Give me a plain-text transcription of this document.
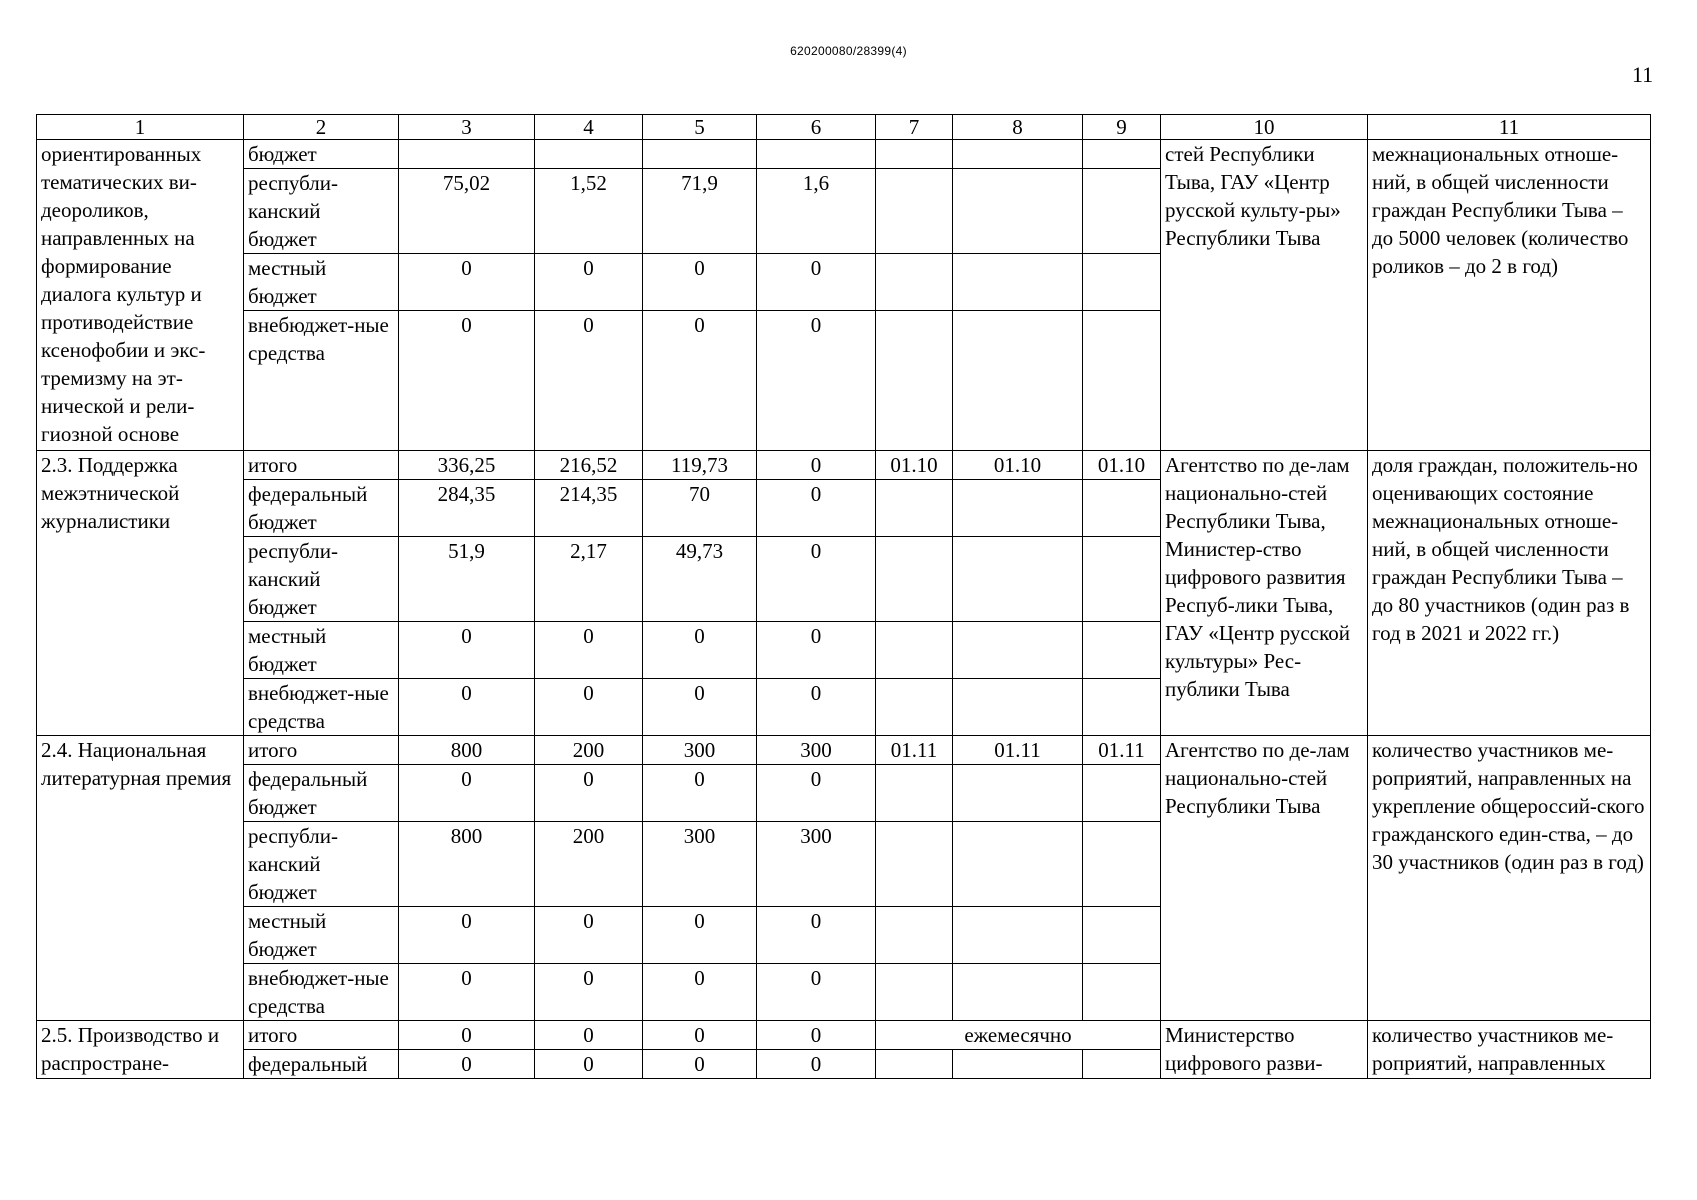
620200080/28399(4)
11
1	2	3	4	5	6	7	8	9	10	11
ориентированных тематических ви-деороликов, направленных на формирование диалога культур и противодействие ксенофобии и экс-тремизму на эт-нической и рели-гиозной основе	бюджет								стей Республики Тыва, ГАУ «Центр русской культу-ры» Республики Тыва	межнациональных отноше-ний, в общей численности граждан Республики Тыва – до 5000 человек (количество роликов – до 2 в год)
	республи-канский бюджет	75,02	1,52	71,9	1,6					
	местный бюджет	0	0	0	0					
	внебюджет-ные средства	0	0	0	0					
2.3. Поддержка межэтнической журналистики	итого	336,25	216,52	119,73	0	01.10	01.10	01.10	Агентство по де-лам национально-стей Республики Тыва, Министер-ство цифрового развития Респуб-лики Тыва, ГАУ «Центр русской культуры» Рес-публики Тыва	доля граждан, положитель-но оценивающих состояние межнациональных отноше-ний, в общей численности граждан Республики Тыва – до 80 участников (один раз в год в 2021 и 2022 гг.)
	федеральный бюджет	284,35	214,35	70	0					
	республи-канский бюджет	51,9	2,17	49,73	0					
	местный бюджет	0	0	0	0					
	внебюджет-ные средства	0	0	0	0					
2.4. Национальная литературная премия	итого	800	200	300	300	01.11	01.11	01.11	Агентство по де-лам национально-стей Республики Тыва	количество участников ме-роприятий, направленных на укрепление общероссий-ского гражданского един-ства, – до 30 участников (один раз в год)
	федеральный бюджет	0	0	0	0					
	республи-канский бюджет	800	200	300	300					
	местный бюджет	0	0	0	0					
	внебюджет-ные средства	0	0	0	0					
2.5. Производство и распростране-	итого	0	0	0	0	ежемесячно			Министерство цифрового разви-	количество участников ме-роприятий, направленных
	федеральный	0	0	0	0					
